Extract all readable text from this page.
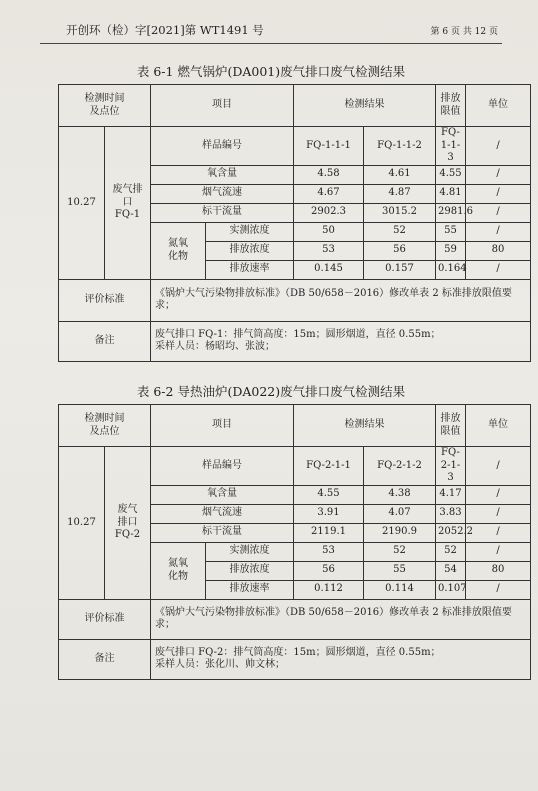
开创环（检）字[2021]第 WT1491 号	第 6 页 共 12 页
表 6-1 燃气锅炉(DA001)废气排口废气检测结果
检测时间
及点位		项目		检测结果		排放
限值	单位	
10.27	废气排
口
FQ-1	样品编号		FQ-1-1-1	FQ-1-1-2	FQ-1-1-3	/	
		氧含量		4.58	4.61	4.55	/	
		烟气流速		4.67	4.87	4.81	/	
		标干流量		2902.3	3015.2	2981.6	/	
		氮氧
化物	实测浓度	50	52	55	/	
			排放浓度	53	56	59	80	
			排放速率	0.145	0.157	0.164	/	
评价标准		《锅炉大气污染物排放标准》（DB 50/658－2016）修改单表 2 标准排放限值要求；						
备注		废气排口 FQ-1：排气筒高度：15m；圆形烟道，直径 0.55m；
采样人员：杨昭均、张波；						
表 6-2 导热油炉(DA022)废气排口废气检测结果
检测时间
及点位		项目		检测结果		排放
限值	单位	
10.27	废气
排口
FQ-2	样品编号		FQ-2-1-1	FQ-2-1-2	FQ-2-1-3	/	
		氧含量		4.55	4.38	4.17	/	
		烟气流速		3.91	4.07	3.83	/	
		标干流量		2119.1	2190.9	2052.2	/	
		氮氧
化物	实测浓度	53	52	52	/	
			排放浓度	56	55	54	80	
			排放速率	0.112	0.114	0.107	/	
评价标准		《锅炉大气污染物排放标准》（DB 50/658－2016）修改单表 2 标准排放限值要求；						
备注		废气排口 FQ-2：排气筒高度：15m；圆形烟道，直径 0.55m；
采样人员：张化川、帅文林；						
